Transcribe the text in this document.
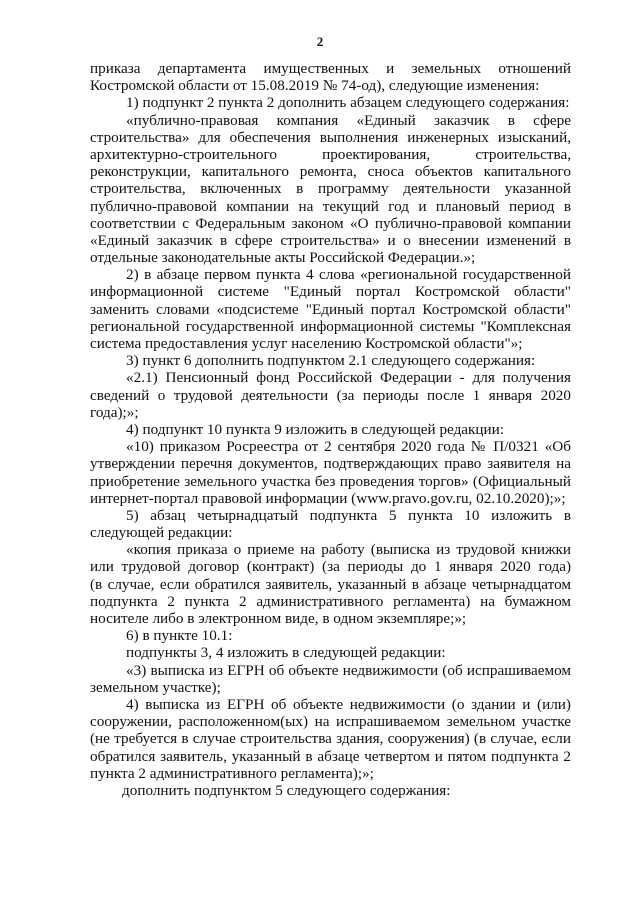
2
приказа департамента имущественных и земельных отношений
Костромской области от 15.08.2019 № 74-од), следующие изменения:
1) подпункт 2 пункта 2 дополнить абзацем следующего содержания:
«публично-правовая компания «Единый заказчик в сфере
строительства» для обеспечения выполнения инженерных изысканий,
архитектурно-строительного проектирования, строительства,
реконструкции, капитального ремонта, сноса объектов капитального
строительства, включенных в программу деятельности указанной
публично-правовой компании на текущий год и плановый период в
соответствии с Федеральным законом «О публично-правовой компании
«Единый заказчик в сфере строительства» и о внесении изменений в
отдельные законодательные акты Российской Федерации.»;
2) в абзаце первом пункта 4 слова «региональной государственной
информационной системе "Единый портал Костромской области"
заменить словами «подсистеме "Единый портал Костромской области"
региональной государственной информационной системы "Комплексная
система предоставления услуг населению Костромской области"»;
3) пункт 6 дополнить подпунктом 2.1 следующего содержания:
«2.1) Пенсионный фонд Российской Федерации - для получения
сведений о трудовой деятельности (за периоды после 1 января 2020
года);»;
4) подпункт 10 пункта 9 изложить в следующей редакции:
«10) приказом Росреестра от 2 сентября 2020 года № П/0321 «Об
утверждении перечня документов, подтверждающих право заявителя на
приобретение земельного участка без проведения торгов» (Официальный
интернет-портал правовой информации (www.pravo.gov.ru, 02.10.2020);»;
5) абзац четырнадцатый подпункта 5 пункта 10 изложить в
следующей редакции:
«копия приказа о приеме на работу (выписка из трудовой книжки
или трудовой договор (контракт) (за периоды до 1 января 2020 года)
(в случае, если обратился заявитель, указанный в абзаце четырнадцатом
подпункта 2 пункта 2 административного регламента) на бумажном
носителе либо в электронном виде, в одном экземпляре;»;
6) в пункте 10.1:
подпункты 3, 4 изложить в следующей редакции:
«3) выписка из ЕГРН об объекте недвижимости (об испрашиваемом
земельном участке);
4) выписка из ЕГРН об объекте недвижимости (о здании и (или)
сооружении, расположенном(ых) на испрашиваемом земельном участке
(не требуется в случае строительства здания, сооружения) (в случае, если
обратился заявитель, указанный в абзаце четвертом и пятом подпункта 2
пункта 2 административного регламента);»;
дополнить подпунктом 5 следующего содержания:
